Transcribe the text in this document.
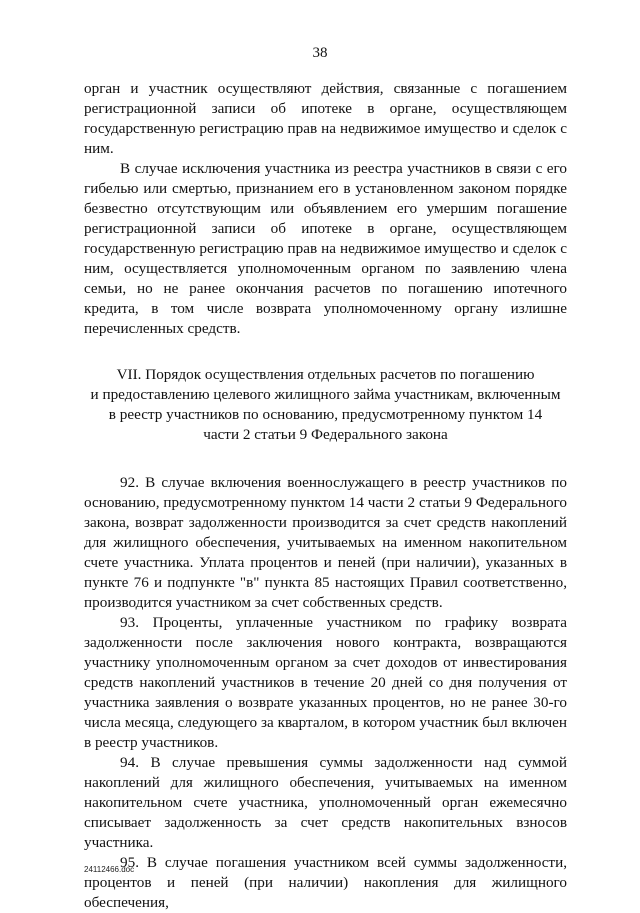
38

орган и участник осуществляют действия, связанные с погашением регистрационной записи об ипотеке в органе, осуществляющем государственную регистрацию прав на недвижимое имущество и сделок с ним.

В случае исключения участника из реестра участников в связи с его гибелью или смертью, признанием его в установленном законом порядке безвестно отсутствующим или объявлением его умершим погашение регистрационной записи об ипотеке в органе, осуществляющем государственную регистрацию прав на недвижимое имущество и сделок с ним, осуществляется уполномоченным органом по заявлению члена семьи, но не ранее окончания расчетов по погашению ипотечного кредита, в том числе возврата уполномоченному органу излишне перечисленных средств.

VII. Порядок осуществления отдельных расчетов по погашению
и предоставлению целевого жилищного займа участникам, включенным
в реестр участников по основанию, предусмотренному пунктом 14
части 2 статьи 9 Федерального закона

92. В случае включения военнослужащего в реестр участников по основанию, предусмотренному пунктом 14 части 2 статьи 9 Федерального закона, возврат задолженности производится за счет средств накоплений для жилищного обеспечения, учитываемых на именном накопительном счете участника. Уплата процентов и пеней (при наличии), указанных в пункте 76 и подпункте "в" пункта 85 настоящих Правил соответственно, производится участником за счет собственных средств.

93. Проценты, уплаченные участником по графику возврата задолженности после заключения нового контракта, возвращаются участнику уполномоченным органом за счет доходов от инвестирования средств накоплений участников в течение 20 дней со дня получения от участника заявления о возврате указанных процентов, но не ранее 30-го числа месяца, следующего за кварталом, в котором участник был включен в реестр участников.

94. В случае превышения суммы задолженности над суммой накоплений для жилищного обеспечения, учитываемых на именном накопительном счете участника, уполномоченный орган ежемесячно списывает задолженность за счет средств накопительных взносов участника.

95. В случае погашения участником всей суммы задолженности, процентов и пеней (при наличии) накопления для жилищного обеспечения,

24112466.doc
